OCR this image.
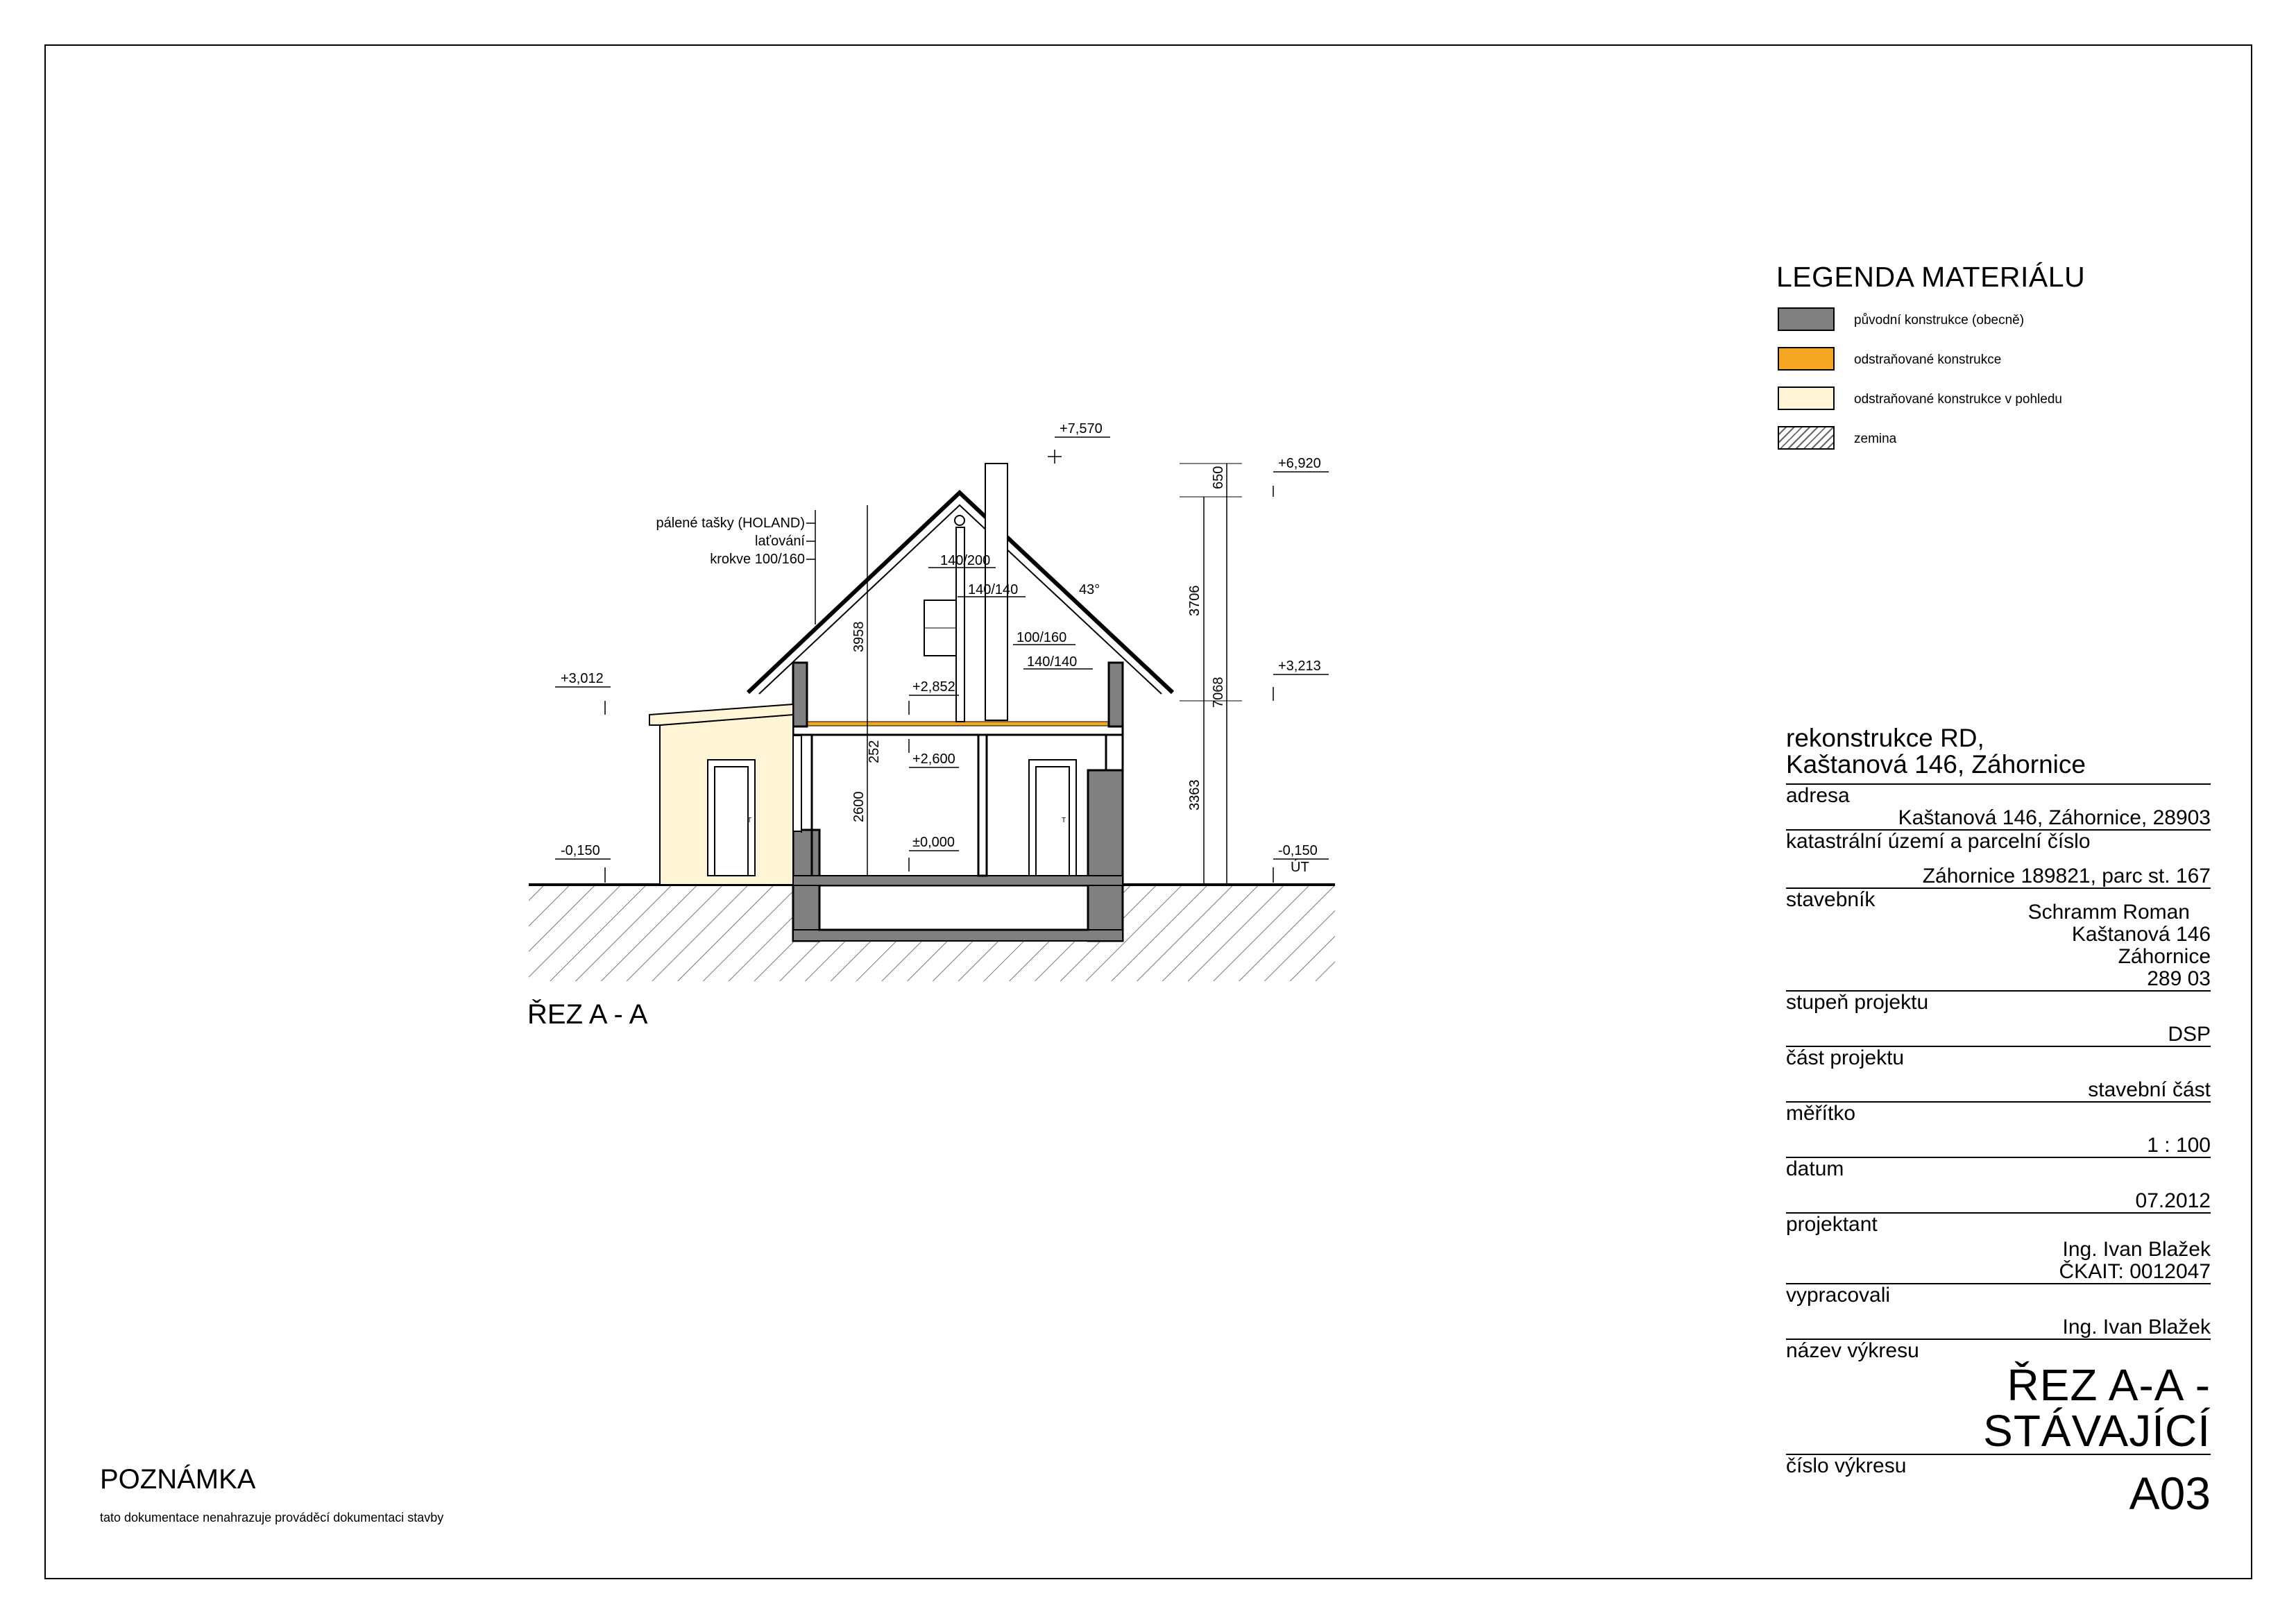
T
T
pálené tašky (HOLAND)
laťování
krokve 100/160	140/200
140/140
100/160
140/140
43°
+7,570
+6,920
+3,213
+3,012
+2,852
+2,600
±0,000
-0,150	-0,150
ÚT
650
3706
7068
3363
3958
252
2600
ŘEZ A - A
LEGENDA MATERIÁLU
původní konstrukce (obecně)
odstraňované konstrukce
odstraňované konstrukce v pohledu
zemina
rekonstrukce RD,
Kaštanová 146, Záhornice
adresa
Kaštanová 146, Záhornice, 28903
katastrální území a parcelní číslo
Záhornice 189821, parc st. 167
stavebník
Schramm Roman
Kaštanová 146
Záhornice
289 03
stupeň projektu
DSP
část projektu
stavební část
měřítko
1 : 100
datum
07.2012
projektant
Ing. Ivan Blažek
ČKAIT: 0012047
vypracovali
Ing. Ivan Blažek
název výkresu
ŘEZ A-A - STÁVAJÍCÍ
číslo výkresu
A03
POZNÁMKA
tato dokumentace nenahrazuje prováděcí dokumentaci stavby
